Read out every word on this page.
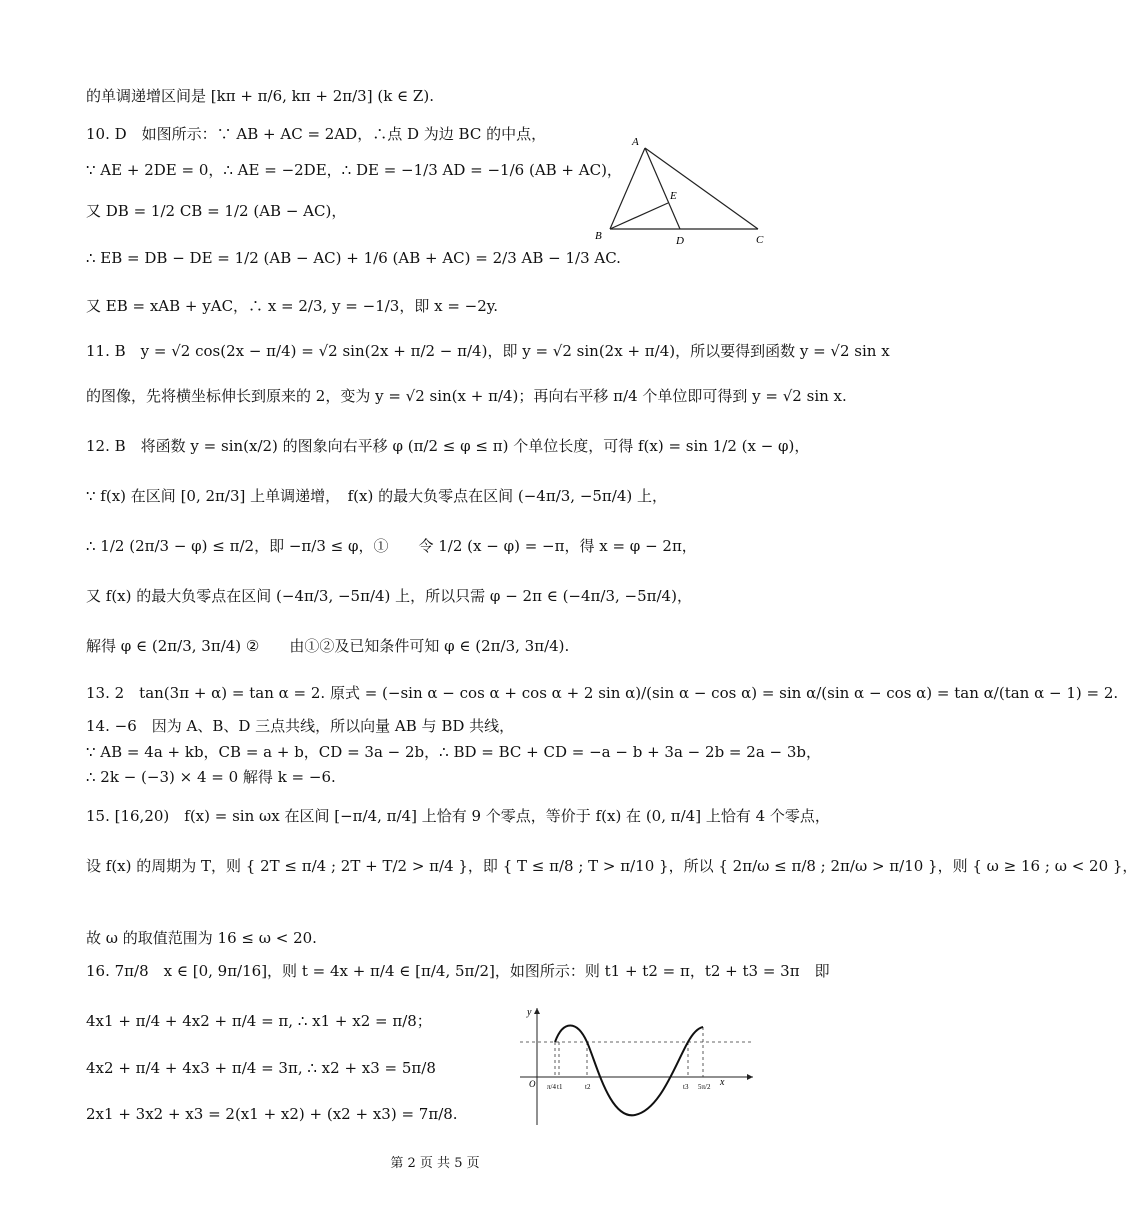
的单调递增区间是 [kπ + π/6, kπ + 2π/3] (k ∈ Z).
10. D　如图所示：∵ AB + AC = 2AD，∴点 D 为边 BC 的中点，
∵ AE + 2DE = 0，∴ AE = −2DE，∴ DE = −1/3 AD = −1/6 (AB + AC)，
又 DB = 1/2 CB = 1/2 (AB − AC)，
∴ EB = DB − DE = 1/2 (AB − AC) + 1/6 (AB + AC) = 2/3 AB − 1/3 AC.
又 EB = xAB + yAC，∴ x = 2/3, y = −1/3，即 x = −2y.
11. B　y = √2 cos(2x − π/4) = √2 sin(2x + π/2 − π/4)，即 y = √2 sin(2x + π/4)，所以要得到函数 y = √2 sin x
的图像，先将横坐标伸长到原来的 2，变为 y = √2 sin(x + π/4)；再向右平移 π/4 个单位即可得到 y = √2 sin x.
12. B　将函数 y = sin(x/2) 的图象向右平移 φ (π/2 ≤ φ ≤ π) 个单位长度，可得 f(x) = sin 1/2 (x − φ)，
∵ f(x) 在区间 [0, 2π/3] 上单调递增，　f(x) 的最大负零点在区间 (−4π/3, −5π/4) 上，
∴ 1/2 (2π/3 − φ) ≤ π/2，即 −π/3 ≤ φ，①　　令 1/2 (x − φ) = −π，得 x = φ − 2π，
又 f(x) 的最大负零点在区间 (−4π/3, −5π/4) 上，所以只需 φ − 2π ∈ (−4π/3, −5π/4)，
解得 φ ∈ (2π/3, 3π/4) ②　　由①②及已知条件可知 φ ∈ (2π/3, 3π/4).
13. 2　tan(3π + α) = tan α = 2. 原式 = (−sin α − cos α + cos α + 2 sin α)/(sin α − cos α) = sin α/(sin α − cos α) = tan α/(tan α − 1) = 2.
14. −6　因为 A、B、D 三点共线，所以向量 AB 与 BD 共线，
∵ AB = 4a + kb，CB = a + b，CD = 3a − 2b，∴ BD = BC + CD = −a − b + 3a − 2b = 2a − 3b，
∴ 2k − (−3) × 4 = 0 解得 k = −6.
15. [16,20)　f(x) = sin ωx 在区间 [−π/4, π/4] 上恰有 9 个零点，等价于 f(x) 在 (0, π/4] 上恰有 4 个零点，
设 f(x) 的周期为 T，则 { 2T ≤ π/4 ; 2T + T/2 > π/4 }，即 { T ≤ π/8 ; T > π/10 }，所以 { 2π/ω ≤ π/8 ; 2π/ω > π/10 }，则 { ω ≥ 16 ; ω < 20 }，
故 ω 的取值范围为 16 ≤ ω < 20.
16. 7π/8　x ∈ [0, 9π/16]，则 t = 4x + π/4 ∈ [π/4, 5π/2]，如图所示：则 t1 + t2 = π，t2 + t3 = 3π　即
4x1 + π/4 + 4x2 + π/4 = π, ∴ x1 + x2 = π/8；
4x2 + π/4 + 4x3 + π/4 = 3π, ∴ x2 + x3 = 5π/8
2x1 + 3x2 + x3 = 2(x1 + x2) + (x2 + x3) = 7π/8.
A
B	C
D
E
y
x
O π/4 t1	t2	t3 5π/2
第 2 页 共 5 页
